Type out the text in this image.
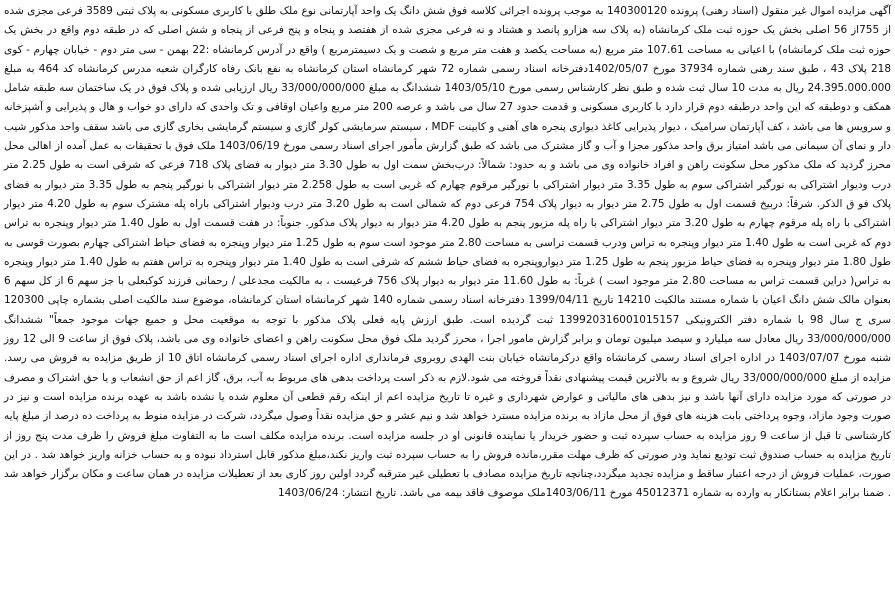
آگهی مزایده اموال غیر منقول (اسناد رهنی) پرونده 140300120 به موجب پرونده اجرائی کلاسه فوق شش دانگ یک واحد آپارتمانی نوع ملک طلق با کاربری مسکونی به پلاک ثبتی 3589 فرعی مجزی شده از 755از 56 اصلی بخش یک حوزه ثبت ملک کرمانشاه (به پلاک سه هزارو پانصد و هشتاد و نه فرعی مجزی شده از هفتصد و پنجاه و پنج فرعی از پنجاه و شش اصلی که در طبقه دوم واقع در بخش یک حوزه ثبت ملک کرمانشاه) با اعیانی به مساحت 107.61 متر مربع (به مساحت یکصد و هفت متر مربع و شصت و یک دسیمترمربع ) واقع در آدرس کرمانشاه :22 بهمن - سی متر دوم - خیابان چهارم - کوی 218 پلاک 43 ، طبق سند رهنی شماره 37934 مورخ 1402/05/07دفترخانه اسناد رسمی شماره 72 شهر کرمانشاه استان کرمانشاه به نفع بانک رفاه کارگران شعبه مدرس کرمانشاه کد 464 به مبلغ 24.395.000.000 ریال به مدت 10 سال ثبت شده و طبق نظر کارشناس رسمی مورخ 1403/05/10 ششدانگ به مبلغ 33/000/000/000 ریال ارزیابی شده و پلاک فوق در یک ساختمان سه طبقه شامل همکف و دوطبقه که این واحد درطبقه دوم قرار دارد با کاربری مسکونی و قدمت حدود 27 سال می باشد و عرصه 200 متر مربع واعیان اوقافی و تک واحدی که دارای دو خواب و هال و پذیرایی و آشپزخانه و سرویس ها می باشد ، کف آپارتمان سرامیک ، دیوار پذیرایی کاغذ دیواری پنجره های آهنی و کابینت MDF ، سیستم سرمایشی کولر گازی و سیستم گرمایشی بخاری گازی می باشد سقف واحد مذکور شیب دار و نمای آن سیمانی می باشد امتیاز برق واحد مذکور مجزا و آب و گاز مشترک می باشد که طبق گزارش مأمور اجرای اسناد رسمی مورخ 1403/06/19 ملک فوق با تحقیقات به عمل آمده از اهالی محل محرز گردید که ملک مذکور محل سکونت راهن و افراد خانواده وی می باشد و به حدود: شمالاً: درب‌بخش سمت اول به طول 3.30 متر دیوار به فضای پلاک 718 فرعی که شرقی است به طول 2.25 متر درب ودیوار اشتراکی به نورگیر اشتراکی سوم به طول 3.35 متر دیوار اشتراکی با نورگیر مرقوم چهارم که غربی است به طول 2.258 متر دیوار اشتراکی با نورگیر پنجم به طول 3.35 متر دیوار به فضای پلاک فو ق الذکر. شرقاً: دربیخ قسمت اول به طول 2.75 متر دیوار به دیوار پلاک 754 فرعی دوم که شمالی است به طول 3.20 متر درب ودیوار اشتراکی باراه پله مشترک سوم به طول 4.20 متر دیوار اشتراکی با راه پله مرقوم چهارم به طول 3.20 متر دیوار اشتراکی با راه پله مزبور پنجم به طول 4.20 متر دیوار به دیوار پلاک مذکور. جنوباً: در هفت قسمت اول به طول 1.40 متر دیوار وپنجره به تراس دوم که غربی است به طول 1.40 متر دیوار وپنجره به تراس ودرب قسمت تراسی به مساحت 2.80 متر موجود است سوم به طول 1.25 متر دیوار وپنجره به فضای حیاط اشتراکی چهارم بصورت قوسی به طول 1.80 متر دیوار وپنجره به فضای حیاط مزبور پنجم به طول 1.25 متر دیواروپنجره به فضای حیاط ششم که شرقی است به طول 1.40 متر دیوار وپنجره به تراس هفتم به طول 1.40 متر دیوار وپنجره به تراس( دراین قسمت تراس به مساحت 2.80 متر موجود است ) غرباً: به طول 11.60 متر دیوار به دیوار پلاک 756 فرعیست ، به مالکیت مجدعلی / رحمانی فرزند کوکبعلی با جز سهم 6 از کل سهم 6 بعنوان مالک شش دانگ اعیان با شماره مستند مالکیت 14210 تاریخ 1399/04/11 دفترخانه اسناد رسمی شماره 140 شهر کرمانشاه استان کرمانشاه، موضوع سند مالکیت اصلی بشماره چاپی 120300 سری ج سال 98 با شماره دفتر الکترونیکی 139920316001015157 ثبت گردیده است. طبق ارزش پایه فعلی پلاک مذکور با توجه به موقعیت محل و جمیع جهات موجود جمعاً" ششدانگ 33/000/000/000 ریال معادل سه میلیارد و سیصد میلیون تومان و برابر گزارش مامور اجرا ، محرز گردید ملک فوق محل سکونت راهن و اعضای خانواده وی می باشد، پلاک فوق از ساعت 9 الی 12 روز شنبه مورخ 1403/07/07 در اداره اجرای اسناد رسمی کرمانشاه واقع درکرمانشاه خیابان بنت الهدی روبروی فرمانداری اداره اجرای اسناد رسمی کرمانشاه اتاق 10 از طریق مزایده به فروش می رسد. مزایده از مبلغ 33/000/000/000 ریال شروع و به بالاترین قیمت پیشنهادی نقداً فروخته می شود.لازم به ذکر است پرداخت بدهی های مربوط به آب، برق، گاز اعم از حق انشعاب و یا حق اشتراک و مصرف در صورتی که مورد مزایده دارای آنها باشد و نیز بدهی های مالیاتی و عوارض شهرداری و غیره تا تاریخ مزایده اعم از اینکه رقم قطعی آن معلوم شده یا نشده باشد به عهده برنده مزایده است و نیز در صورت وجود مازاد، وجوه پرداختی بابت هزینه های فوق از محل مازاد به برنده مزایده مسترد خواهد شد و نیم عشر و حق مزایده نقداً وصول میگردد، شرکت در مزایده منوط به پرداخت ده درصد از مبلغ پایه کارشناسی تا قبل از ساعت 9 روز مزایده به حساب سپرده ثبت و حضور خریدار یا نماینده قانونی او در جلسه مزایده است. برنده مزایده مکلف است ما به التفاوت مبلغ فروش را ظرف مدت پنج روز از تاریخ مزایده به حساب صندوق ثبت تودیع نماید ودر صورتی که ظرف مهلت مقرر،مانده فروش را به حساب سپرده ثبت واریز نکند،مبلغ مذکور قابل استرداد نبوده و به حساب خزانه واریز خواهد شد . در این صورت، عملیات فروش از درجه اعتبار ساقط و مزایده تجدید میگردد،چنانچه تاریخ مزایده مصادف با تعطیلی غیر مترقبه گردد اولین روز کاری بعد از تعطیلات مزایده در همان ساعت و مکان برگزار خواهد شد . ضمنا برابر اعلام بستانکار به وارده به شماره 45012371 مورخ 1403/06/11ملک موصوف فاقد بیمه می باشد. تاریخ انتشار: 1403/06/24
